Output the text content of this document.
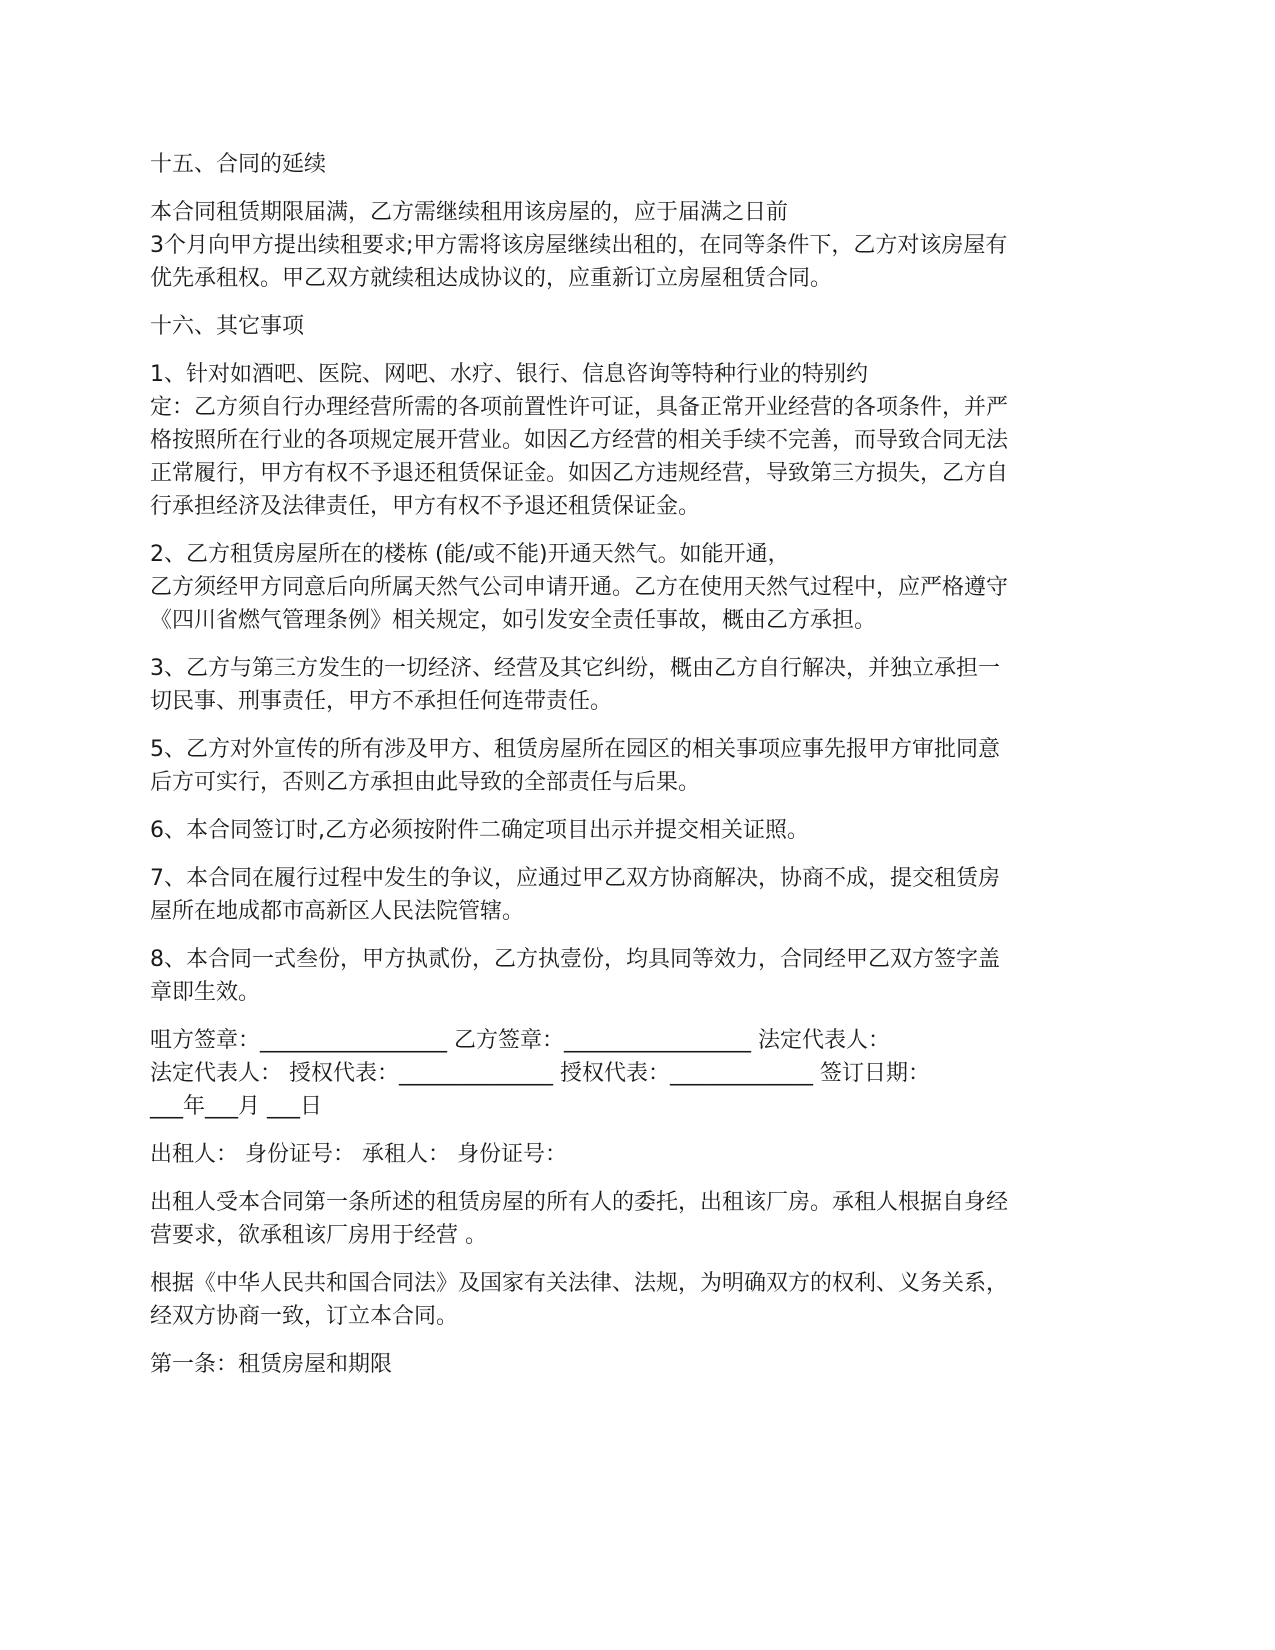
十五、合同的延续

本合同租赁期限届满，乙方需继续租用该房屋的，应于届满之日前
3个月向甲方提出续租要求;甲方需将该房屋继续出租的，在同等条件下，乙方对该房屋有
优先承租权。甲乙双方就续租达成协议的，应重新订立房屋租赁合同。

十六、其它事项

1、针对如酒吧、医院、网吧、水疗、银行、信息咨询等特种行业的特别约
定：乙方须自行办理经营所需的各项前置性许可证，具备正常开业经营的各项条件，并严
格按照所在行业的各项规定展开营业。如因乙方经营的相关手续不完善，而导致合同无法
正常履行，甲方有权不予退还租赁保证金。如因乙方违规经营，导致第三方损失，乙方自
行承担经济及法律责任，甲方有权不予退还租赁保证金。

2、乙方租赁房屋所在的楼栋 (能/或不能)开通天然气。如能开通，
乙方须经甲方同意后向所属天然气公司申请开通。乙方在使用天然气过程中，应严格遵守
《四川省燃气管理条例》相关规定，如引发安全责任事故，概由乙方承担。

3、乙方与第三方发生的一切经济、经营及其它纠纷，概由乙方自行解决，并独立承担一
切民事、刑事责任，甲方不承担任何连带责任。

5、乙方对外宣传的所有涉及甲方、租赁房屋所在园区的相关事项应事先报甲方审批同意
后方可实行，否则乙方承担由此导致的全部责任与后果。

6、本合同签订时,乙方必须按附件二确定项目出示并提交相关证照。

7、本合同在履行过程中发生的争议，应通过甲乙双方协商解决，协商不成，提交租赁房
屋所在地成都市高新区人民法院管辖。

8、本合同一式叁份，甲方执贰份，乙方执壹份，均具同等效力，合同经甲乙双方签字盖
章即生效。

咀方签章：_________________ 乙方签章：_________________ 法定代表人：
法定代表人： 授权代表：______________ 授权代表：_____________ 签订日期：
___年___月 ___日

出租人： 身份证号： 承租人： 身份证号：

出租人受本合同第一条所述的租赁房屋的所有人的委托，出租该厂房。承租人根据自身经
营要求，欲承租该厂房用于经营 。

根据《中华人民共和国合同法》及国家有关法律、法规，为明确双方的权利、义务关系，
经双方协商一致，订立本合同。

第一条：租赁房屋和期限
